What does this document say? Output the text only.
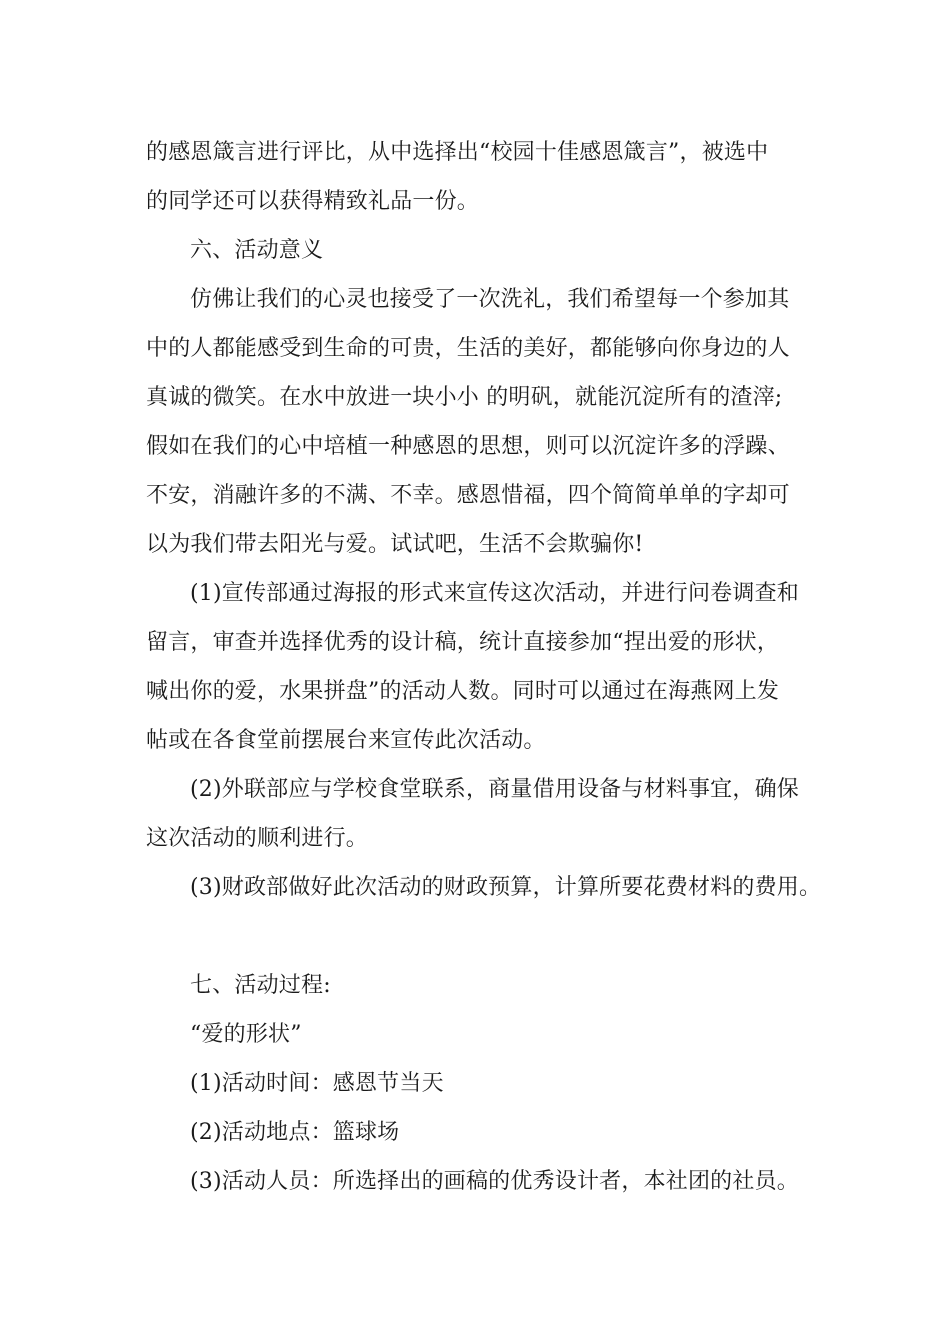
的感恩箴言进行评比，从中选择出“校园十佳感恩箴言”，被选中
的同学还可以获得精致礼品一份。
六、活动意义
仿佛让我们的心灵也接受了一次洗礼，我们希望每一个参加其
中的人都能感受到生命的可贵，生活的美好，都能够向你身边的人
真诚的微笑。在水中放进一块小小 的明矾，就能沉淀所有的渣滓;
假如在我们的心中培植一种感恩的思想，则可以沉淀许多的浮躁、
不安，消融许多的不满、不幸。感恩惜福，四个简简单单的字却可
以为我们带去阳光与爱。试试吧，生活不会欺骗你!
(1)宣传部通过海报的形式来宣传这次活动，并进行问卷调查和
留言，审查并选择优秀的设计稿，统计直接参加“捏出爱的形状，
喊出你的爱，水果拼盘”的活动人数。同时可以通过在海燕网上发
帖或在各食堂前摆展台来宣传此次活动。
(2)外联部应与学校食堂联系，商量借用设备与材料事宜，确保
这次活动的顺利进行。
(3)财政部做好此次活动的财政预算，计算所要花费材料的费用。
七、活动过程:
“爱的形状”
(1)活动时间：感恩节当天
(2)活动地点：篮球场
(3)活动人员：所选择出的画稿的优秀设计者，本社团的社员。
